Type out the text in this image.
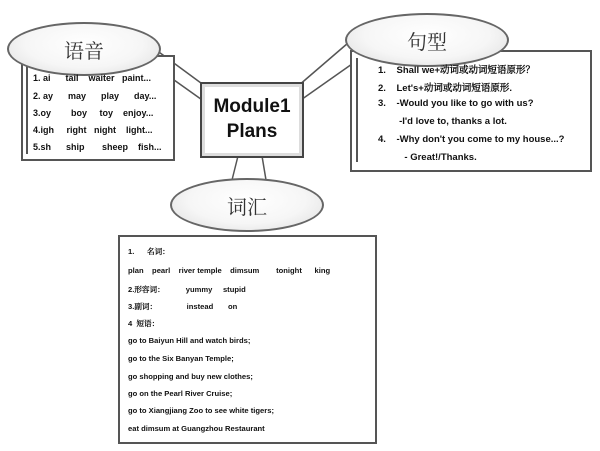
语音
1. ai      tail    waiter   paint...
2. ay      may      play      day...
3.oy        boy     toy    enjoy...
4.igh     right   night    light...
5.sh      ship       sheep    fish...
Module1
Plans
句型
1.    Shall we+动词或动词短语原形？
2.    Let's+动词或动词短语原形.
3.    -Would you like to go with us?
-I'd love to, thanks a lot.
4.    -Why don't you come to my house...?
- Great!/Thanks.
词汇
1.      名词：
plan    pearl    river temple    dimsum        tonight      king
2.形容词：          yummy     stupid
3.副词：              instead       on
4  短语：
go to Baiyun Hill and watch birds;
go to the Six Banyan Temple;
go shopping and buy new clothes;
go on the Pearl River Cruise;
go to Xiangjiang Zoo to see white tigers;
eat dimsum at Guangzhou Restaurant
